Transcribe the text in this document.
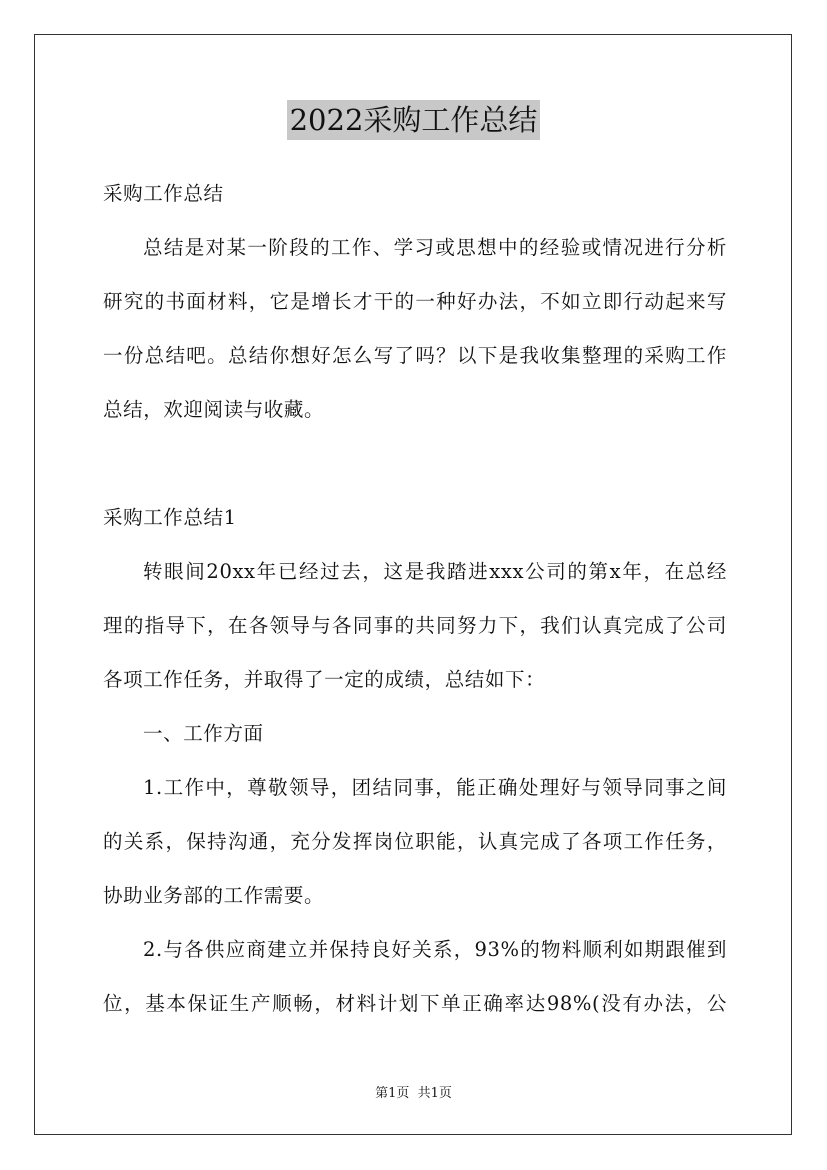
2022采购工作总结
采购工作总结
总结是对某一阶段的工作、学习或思想中的经验或情况进行分析
研究的书面材料，它是增长才干的一种好办法，不如立即行动起来写
一份总结吧。总结你想好怎么写了吗？以下是我收集整理的采购工作
总结，欢迎阅读与收藏。
采购工作总结1
转眼间20xx年已经过去，这是我踏进xxx公司的第x年，在总经
理的指导下，在各领导与各同事的共同努力下，我们认真完成了公司
各项工作任务，并取得了一定的成绩，总结如下：
一、工作方面
1.工作中，尊敬领导，团结同事，能正确处理好与领导同事之间
的关系，保持沟通，充分发挥岗位职能，认真完成了各项工作任务，
协助业务部的工作需要。
2.与各供应商建立并保持良好关系，93%的物料顺利如期跟催到
位，基本保证生产顺畅，材料计划下单正确率达98%(没有办法，公
第1页  共1页
